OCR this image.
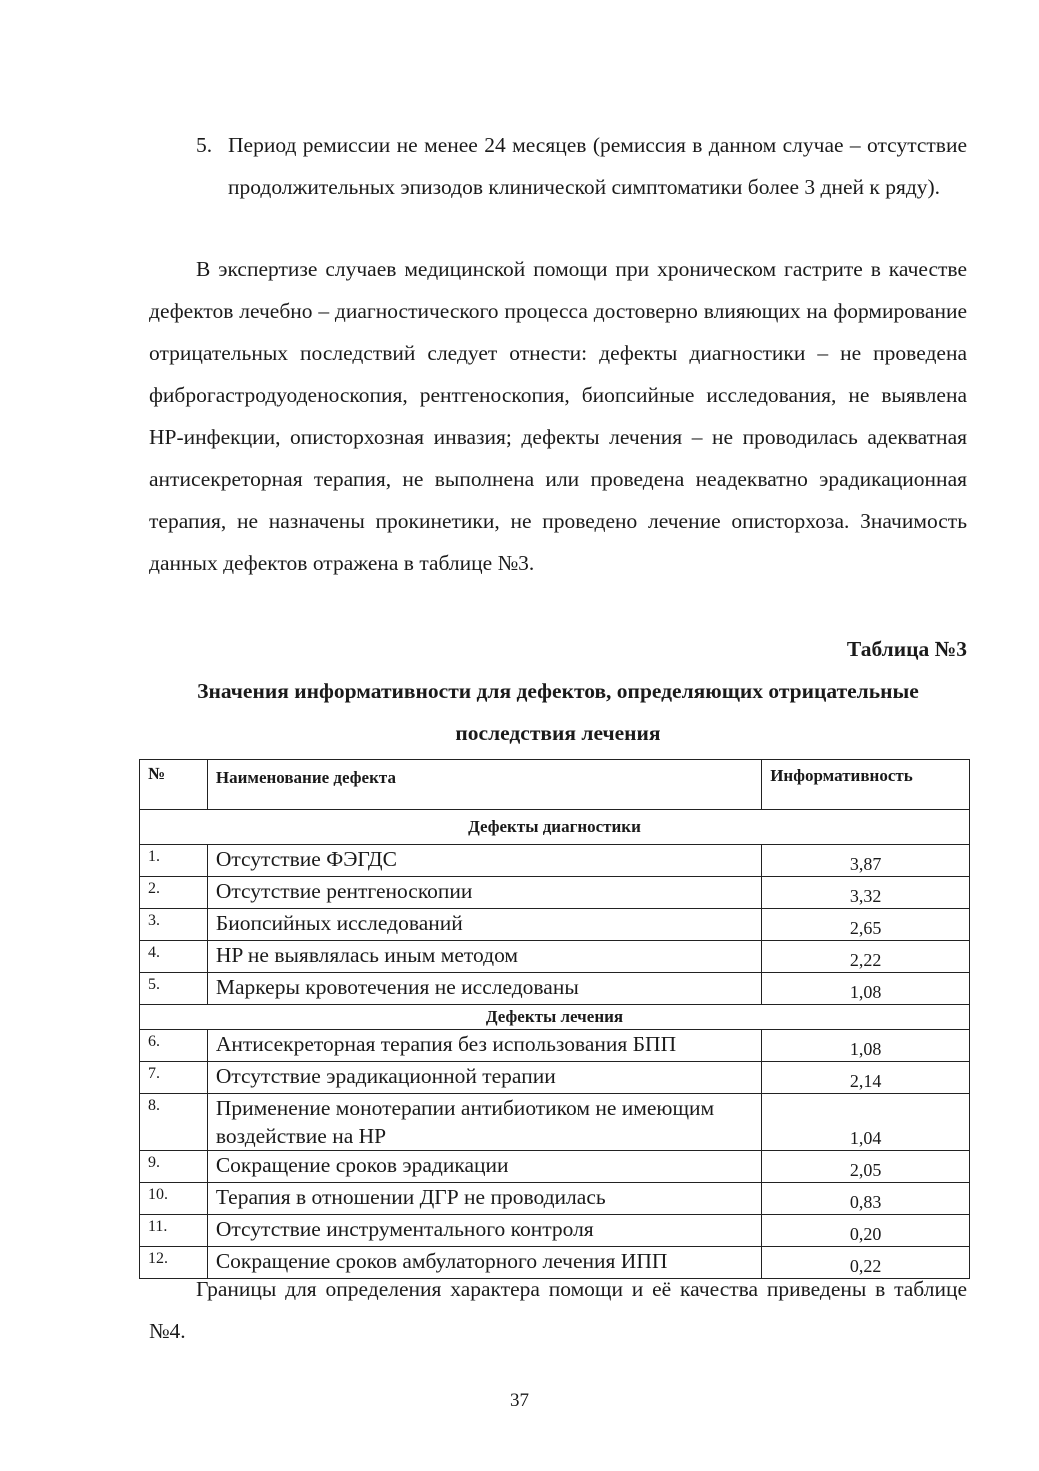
5. Период ремиссии не менее 24 месяцев (ремиссия в данном случае – отсутствие продолжительных эпизодов клинической симптоматики более 3 дней к ряду).
В экспертизе случаев медицинской помощи при хроническом гастрите в качестве дефектов лечебно – диагностического процесса достоверно влияющих на формирование отрицательных последствий следует отнести: дефекты диагностики – не проведена фиброгастродуоденоскопия, рентгеноскопия, биопсийные исследования, не выявлена HP-инфекции, описторхозная инвазия; дефекты лечения – не проводилась адекватная антисекреторная терапия, не выполнена или проведена неадекватно эрадикационная терапия, не назначены прокинетики, не проведено лечение описторхоза. Значимость данных дефектов отражена в таблице №3.
Таблица №3
Значения информативности для дефектов, определяющих отрицательные последствия лечения
№	Наименование дефекта	Информативность
Дефекты диагностики		
1.	Отсутствие ФЭГДС	3,87
2.	Отсутствие рентгеноскопии	3,32
3.	Биопсийных исследований	2,65
4.	HP не выявлялась иным методом	2,22
5.	Маркеры кровотечения не исследованы	1,08
Дефекты лечения		
6.	Антисекреторная терапия без использования БПП	1,08
7.	Отсутствие эрадикационной терапии	2,14
8.	Применение монотерапии антибиотиком не имеющим воздействие на HP	1,04
9.	Сокращение сроков эрадикации	2,05
10.	Терапия в отношении ДГР не проводилась	0,83
11.	Отсутствие инструментального контроля	0,20
12.	Сокращение сроков амбулаторного лечения ИПП	0,22
Границы для определения характера помощи и её качества приведены в таблице №4.
37
